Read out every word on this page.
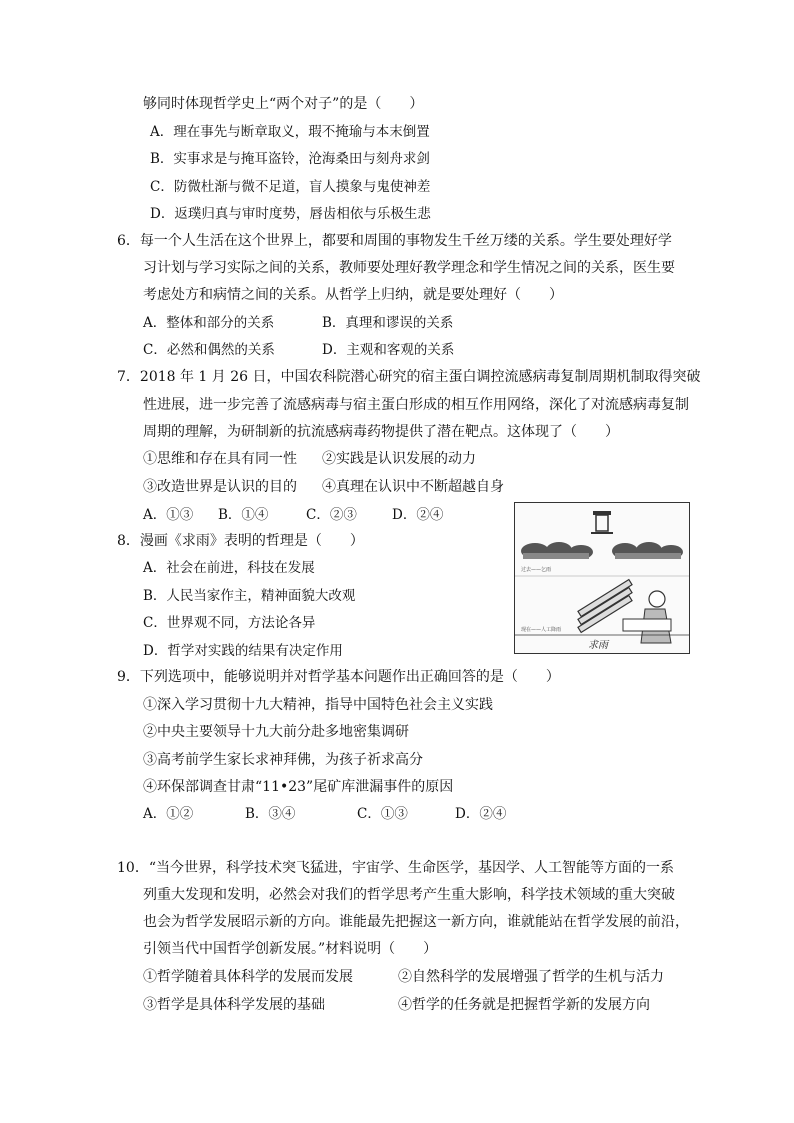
够同时体现哲学史上“两个对子”的是（　　）
A．理在事先与断章取义，瑕不掩瑜与本末倒置
B．实事求是与掩耳盗铃，沧海桑田与刻舟求剑
C．防微杜渐与微不足道，盲人摸象与鬼使神差
D．返璞归真与审时度势，唇齿相依与乐极生悲
6．每一个人生活在这个世界上，都要和周围的事物发生千丝万缕的关系。学生要处理好学
习计划与学习实际之间的关系，教师要处理好教学理念和学生情况之间的关系，医生要
考虑处方和病情之间的关系。从哲学上归纳，就是要处理好（　　）
A．整体和部分的关系	B．真理和谬误的关系
C．必然和偶然的关系	D．主观和客观的关系
7．2018 年 1 月 26 日，中国农科院潜心研究的宿主蛋白调控流感病毒复制周期机制取得突破
性进展，进一步完善了流感病毒与宿主蛋白形成的相互作用网络，深化了对流感病毒复制
周期的理解，为研制新的抗流感病毒药物提供了潜在靶点。这体现了（　　）
①思维和存在具有同一性 ②实践是认识发展的动力
③改造世界是认识的目的 ④真理在认识中不断超越自身
A．①③ B．①④	C．②③	D．②④
8．漫画《求雨》表明的哲理是（　　）
A．社会在前进，科技在发展
B．人民当家作主，精神面貌大改观
C．世界观不同，方法论各异
D．哲学对实践的结果有决定作用
过去——乞雨
现在——人工降雨
求雨
9．下列选项中，能够说明并对哲学基本问题作出正确回答的是（　　）
①深入学习贯彻十九大精神，指导中国特色社会主义实践
②中央主要领导十九大前分赴多地密集调研
③高考前学生家长求神拜佛，为孩子祈求高分
④环保部调查甘肃“11•23”尾矿库泄漏事件的原因
A．①②	B．③④	C．①③	D．②④
10．“当今世界，科学技术突飞猛进，宇宙学、生命医学，基因学、人工智能等方面的一系
列重大发现和发明，必然会对我们的哲学思考产生重大影响，科学技术领域的重大突破
也会为哲学发展昭示新的方向。谁能最先把握这一新方向，谁就能站在哲学发展的前沿，
引领当代中国哲学创新发展。”材料说明（　　）
①哲学随着具体科学的发展而发展	②自然科学的发展增强了哲学的生机与活力
③哲学是具体科学发展的基础	④哲学的任务就是把握哲学新的发展方向
